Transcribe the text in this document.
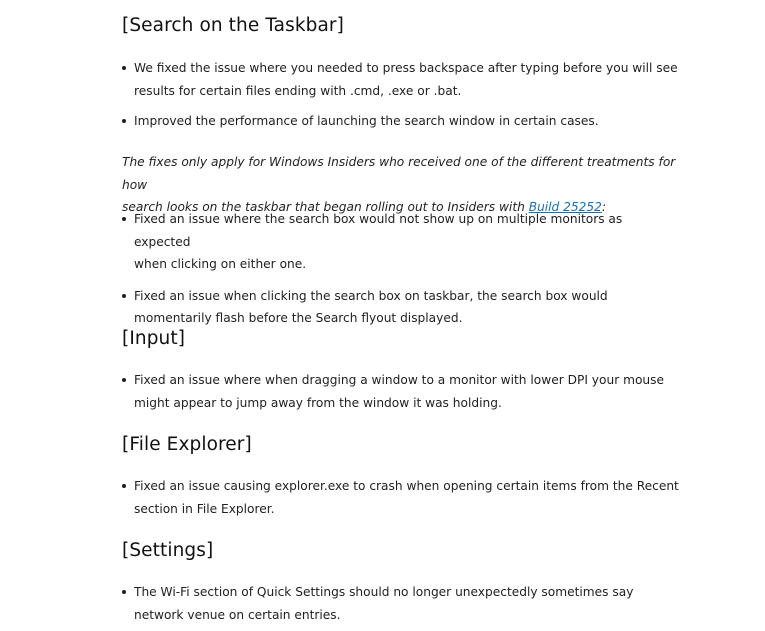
[Search on the Taskbar]
We fixed the issue where you needed to press backspace after typing before you will see
results for certain files ending with .cmd, .exe or .bat.
Improved the performance of launching the search window in certain cases.

The fixes only apply for Windows Insiders who received one of the different treatments for how
search looks on the taskbar that began rolling out to Insiders with Build 25252:

Fixed an issue where the search box would not show up on multiple monitors as expected
when clicking on either one.
Fixed an issue when clicking the search box on taskbar, the search box would
momentarily flash before the Search flyout displayed.
[Input]
Fixed an issue where when dragging a window to a monitor with lower DPI your mouse
might appear to jump away from the window it was holding.
[File Explorer]
Fixed an issue causing explorer.exe to crash when opening certain items from the Recent
section in File Explorer.
[Settings]
The Wi-Fi section of Quick Settings should no longer unexpectedly sometimes say
network venue on certain entries.
